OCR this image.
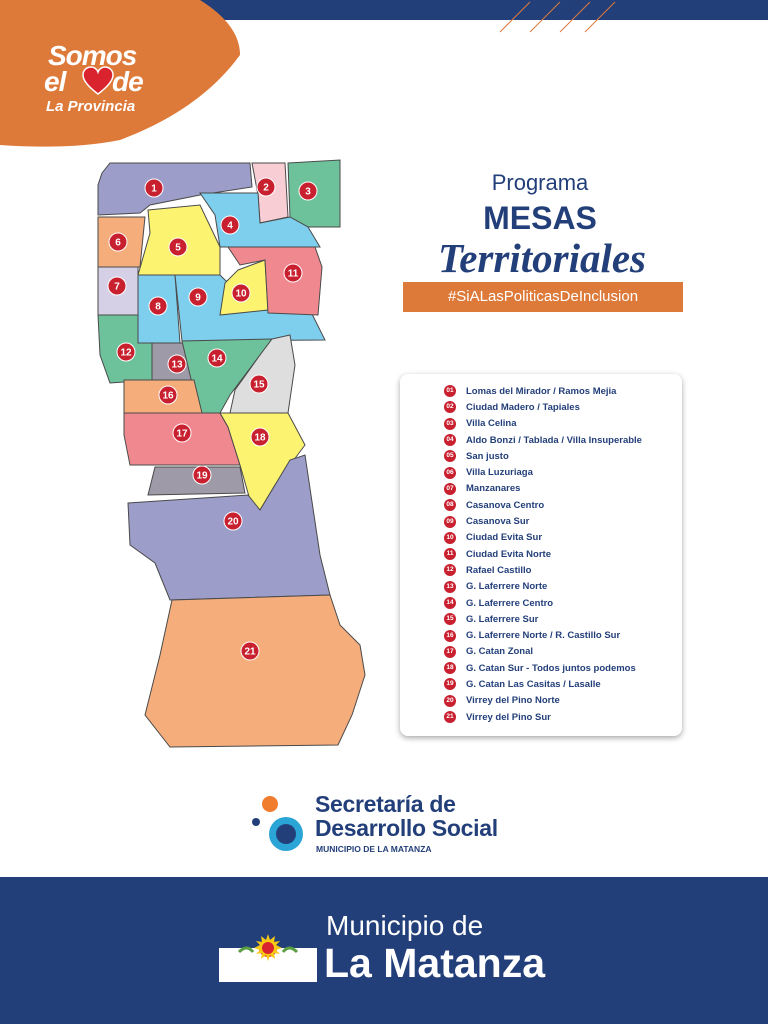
Somos
el de
La Provincia
1	2	3
4
5
6
7
8
9	10
11
12
13
14
15
16
17	18
19
20
21
Programa
MESAS
Territoriales
#SiALasPoliticasDeInclusion
01 Lomas del Mirador / Ramos Mejia
02 Ciudad Madero / Tapiales
03 Villa Celina
04 Aldo Bonzi / Tablada / Villa Insuperable
05 San justo
06 Villa Luzuriaga
07 Manzanares
08 Casanova Centro
09 Casanova Sur
10 Ciudad Evita Sur
11 Ciudad Evita Norte
12 Rafael Castillo
13 G. Laferrere Norte
14 G. Laferrere Centro
15 G. Laferrere Sur
16 G. Laferrere Norte / R. Castillo Sur
17 G. Catan Zonal
18 G. Catan Sur - Todos juntos podemos
19 G. Catan Las Casitas / Lasalle
20 Virrey del Pino Norte
21 Virrey del Pino Sur
Secretaría de
Desarrollo Social
MUNICIPIO DE LA MATANZA
Municipio de
La Matanza
